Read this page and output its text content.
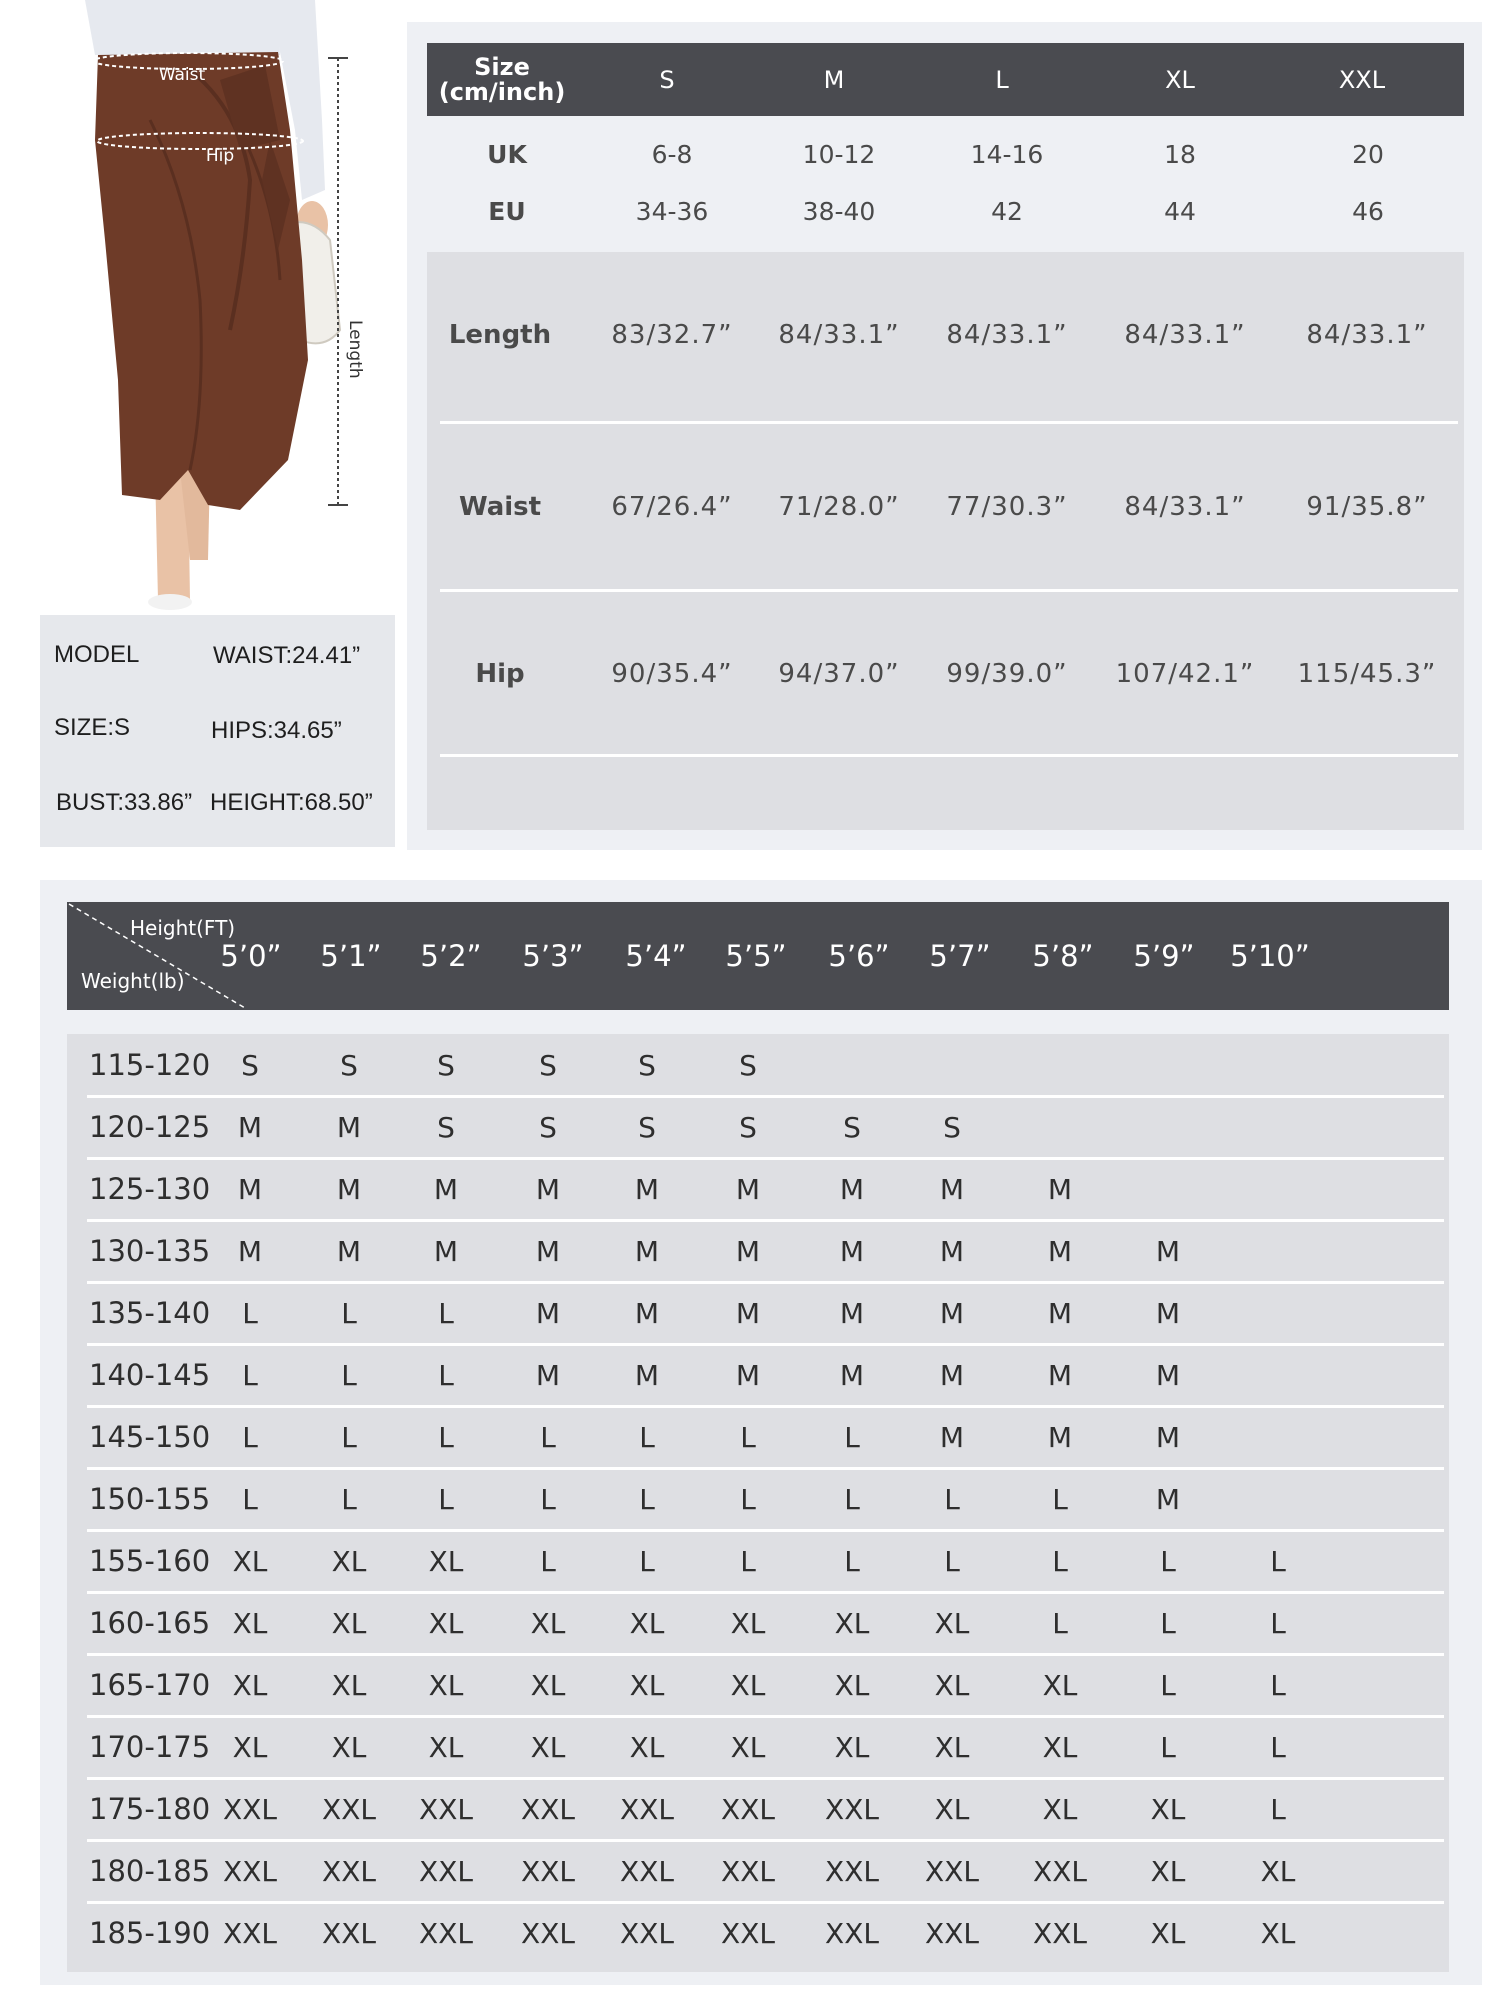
Waist
Hip
Length
MODEL	WAIST:24.41”
SIZE:S	HIPS:34.65”
BUST:33.86” HEIGHT:68.50”
Size
(cm/inch)	S	M	L	XL	XXL
UK	6-8	10-12	14-16	18	20
EU	34-36	38-40	42	44	46
Length	83/32.7”	84/33.1”	84/33.1”	84/33.1”	84/33.1”
Waist	67/26.4”	71/28.0”	77/30.3”	84/33.1”	91/35.8”
Hip	90/35.4”	94/37.0”	99/39.0”	107/42.1” 115/45.3”
Height(FT)
Weight(lb)
5’0”	5’1”	5’2”	5’3”	5’4”	5’5”	5’6”	5’7”	5’8”	5’9”	5’10”
115-120	S	S	S	S	S	S
120-125 M	M	S	S	S	S	S	S
125-130 M	M	M	M	M	M	M	M	M
130-135 M	M	M	M	M	M	M	M	M	M
135-140	L	L	L	M	M	M	M	M	M	M
140-145	L	L	L	M	M	M	M	M	M	M
145-150	L	L	L	L	L	L	L	M	M	M
150-155	L	L	L	L	L	L	L	L	L	M
155-160 XL	XL	XL	L	L	L	L	L	L	L	L
160-165 XL	XL	XL	XL	XL	XL	XL	XL	L	L	L
165-170 XL	XL	XL	XL	XL	XL	XL	XL	XL	L	L
170-175 XL	XL	XL	XL	XL	XL	XL	XL	XL	L	L
175-180 XXL	XXL	XXL	XXL	XXL	XXL	XXL	XL	XL	XL	L
180-185 XXL	XXL	XXL	XXL	XXL	XXL	XXL	XXL	XXL	XL	XL
185-190 XXL	XXL	XXL	XXL	XXL	XXL	XXL	XXL	XXL	XL	XL
